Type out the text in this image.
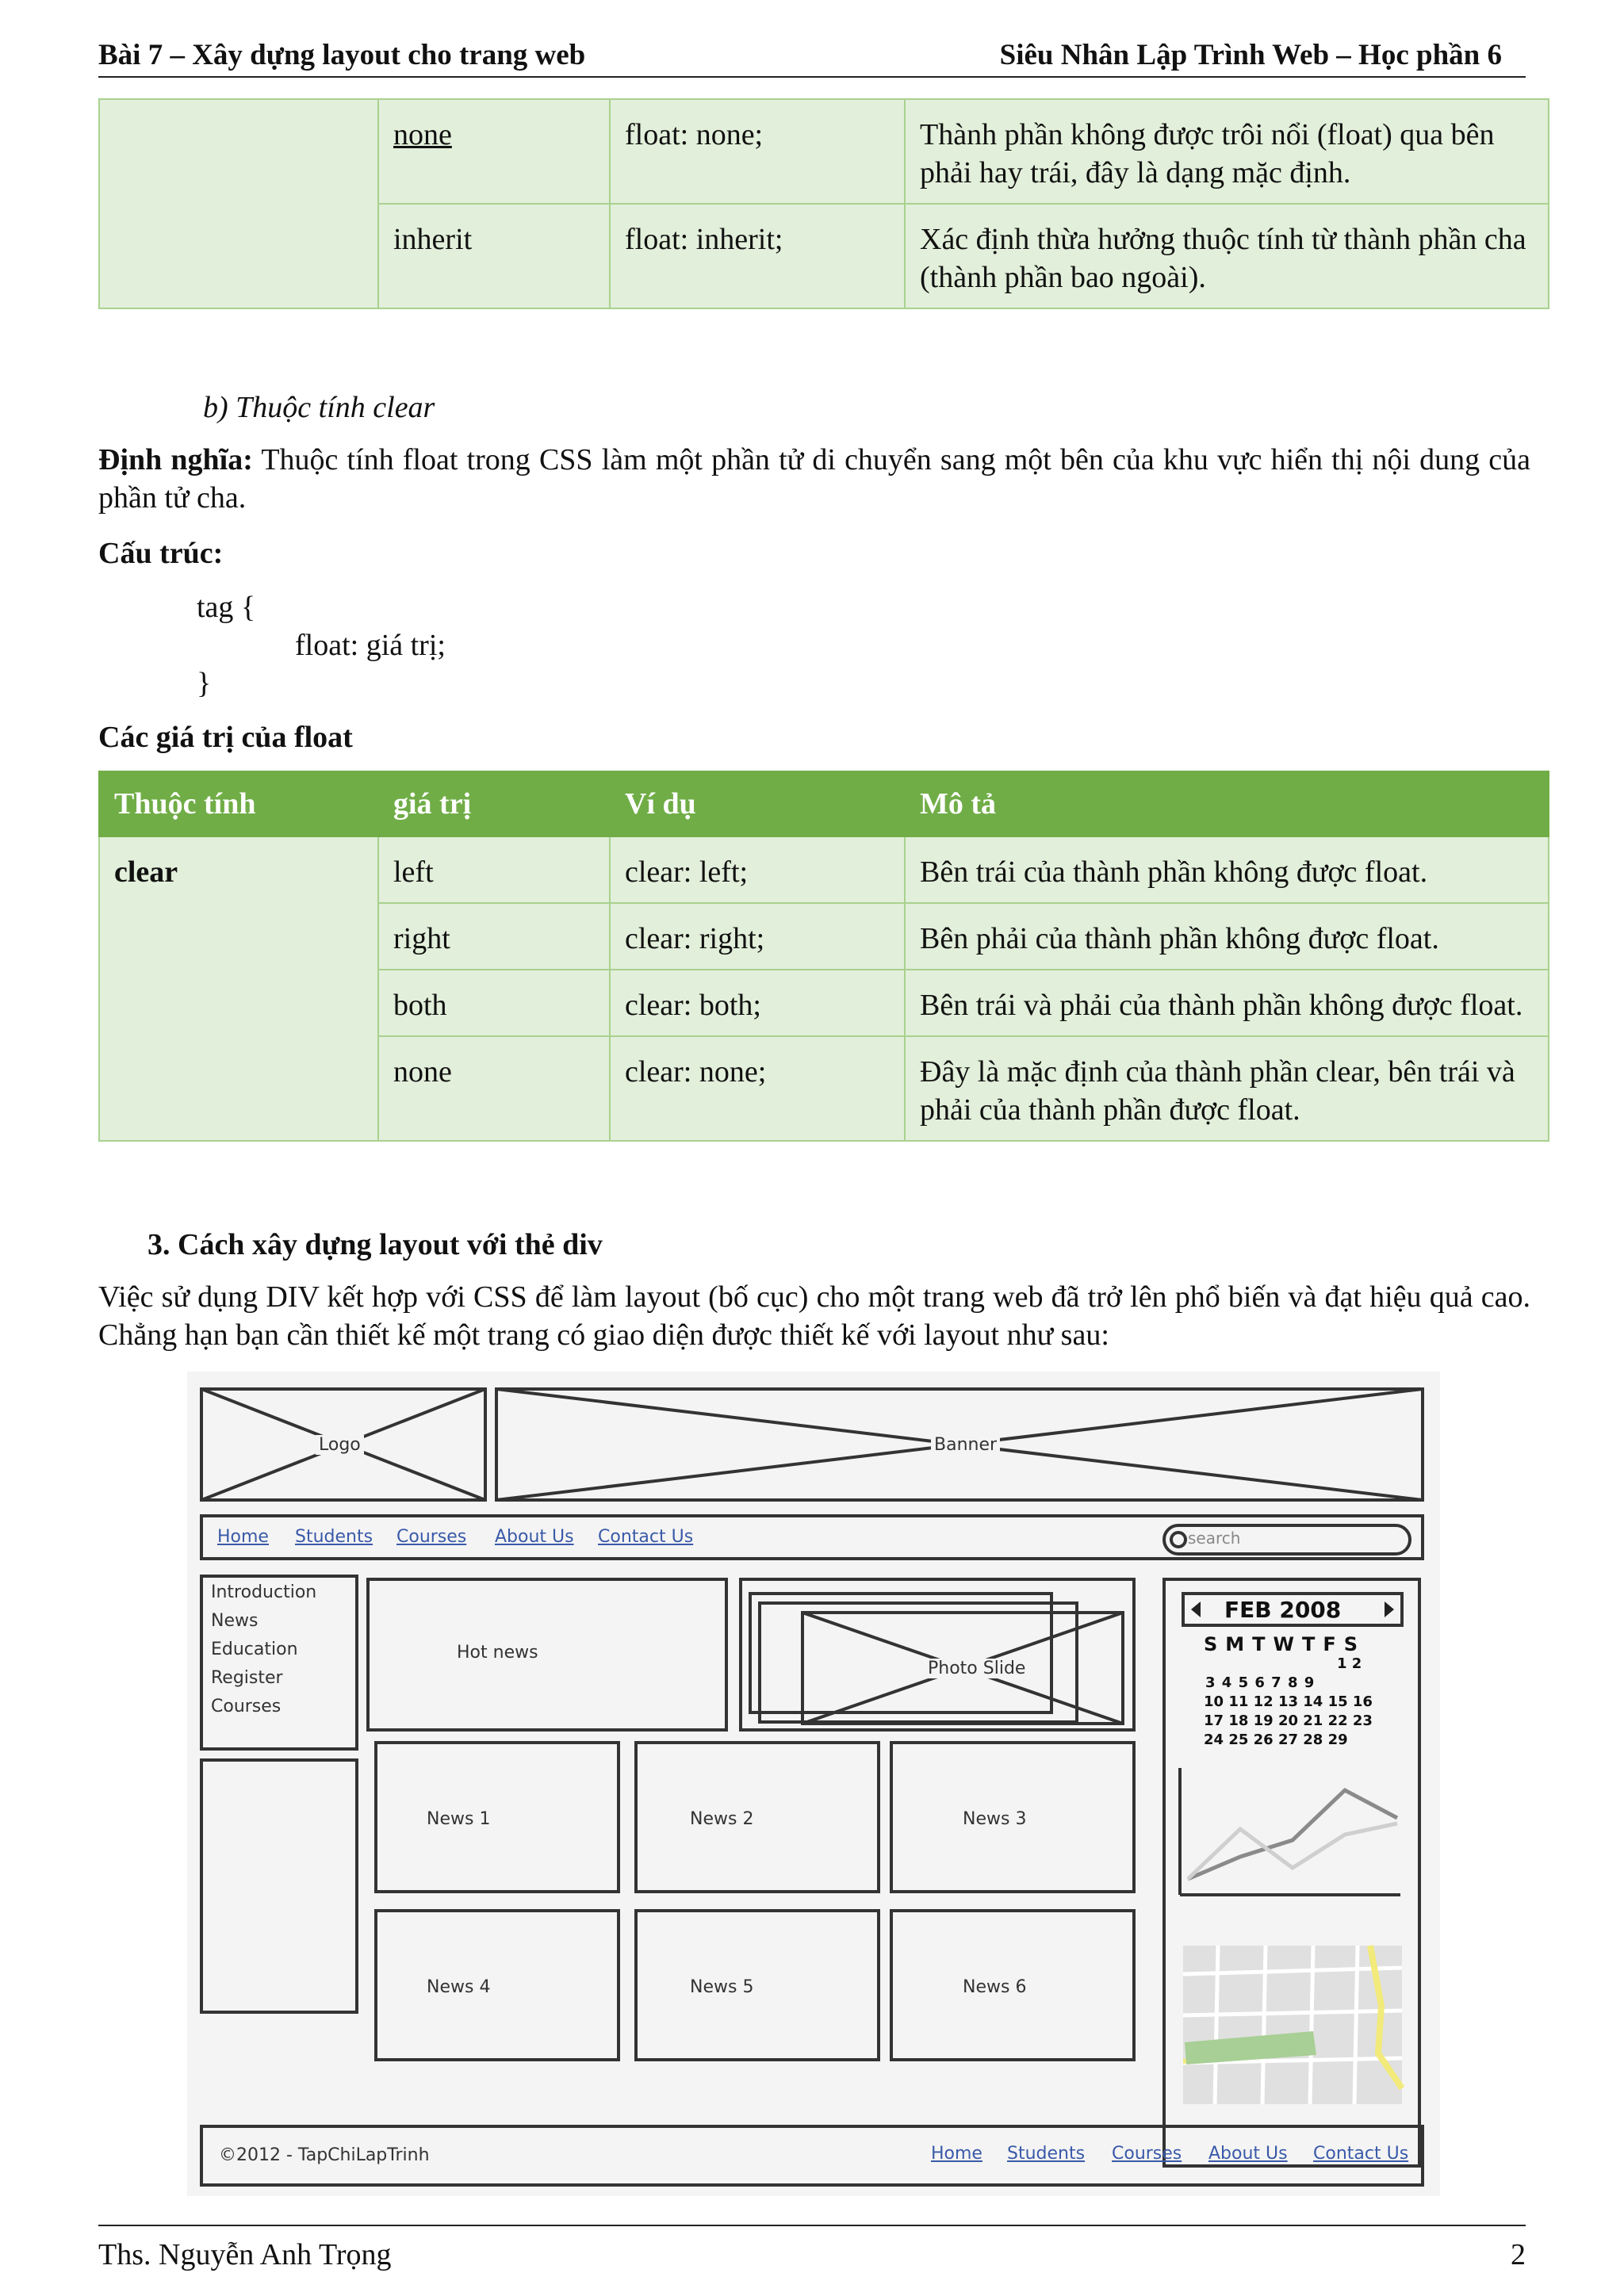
Bài 7 – Xây dựng layout cho trang web	Siêu Nhân Lập Trình Web – Học phần 6
	none	float: none;	Thành phần không được trôi nổi (float) qua bên phải hay trái, đây là dạng mặc định.
	inherit	float: inherit;	Xác định thừa hưởng thuộc tính từ thành phần cha (thành phần bao ngoài).
b) Thuộc tính clear
Định nghĩa: Thuộc tính float trong CSS làm một phần tử di chuyển sang một bên của khu vực hiển thị nội dung của phần tử cha.
Cấu trúc:
tag {
float: giá trị;
}
Các giá trị của float
Thuộc tính	giá trị	Ví dụ	Mô tả
clear	left	clear: left;	Bên trái của thành phần không được float.
	right	clear: right;	Bên phải của thành phần không được float.
	both	clear: both;	Bên trái và phải của thành phần không được float.
	none	clear: none;	Đây là mặc định của thành phần clear, bên trái và phải của thành phần được float.
3. Cách xây dựng layout với thẻ div
Việc sử dụng DIV kết hợp với CSS để làm layout (bố cục) cho một trang web đã trở lên phổ biến và đạt hiệu quả cao. Chẳng hạn bạn cần thiết kế một trang có giao diện được thiết kế với layout như sau:
Logo	Banner
Home Students Courses About Us Contact Us	search
Introduction
News
Education
Register
Courses
Hot news
Photo Slide
FEB 2008
SMTWTFS
1 2
3 4 5 6 7 8 9
10 11 12 13 14 15 16
17 18 19 20 21 22 23
24 25 26 27 28 29
News 1	News 2	News 3
News 4	News 5	News 6
©2012 - TapChiLapTrinh	Home Students Courses About Us Contact Us
Ths. Nguyễn Anh Trọng	2
